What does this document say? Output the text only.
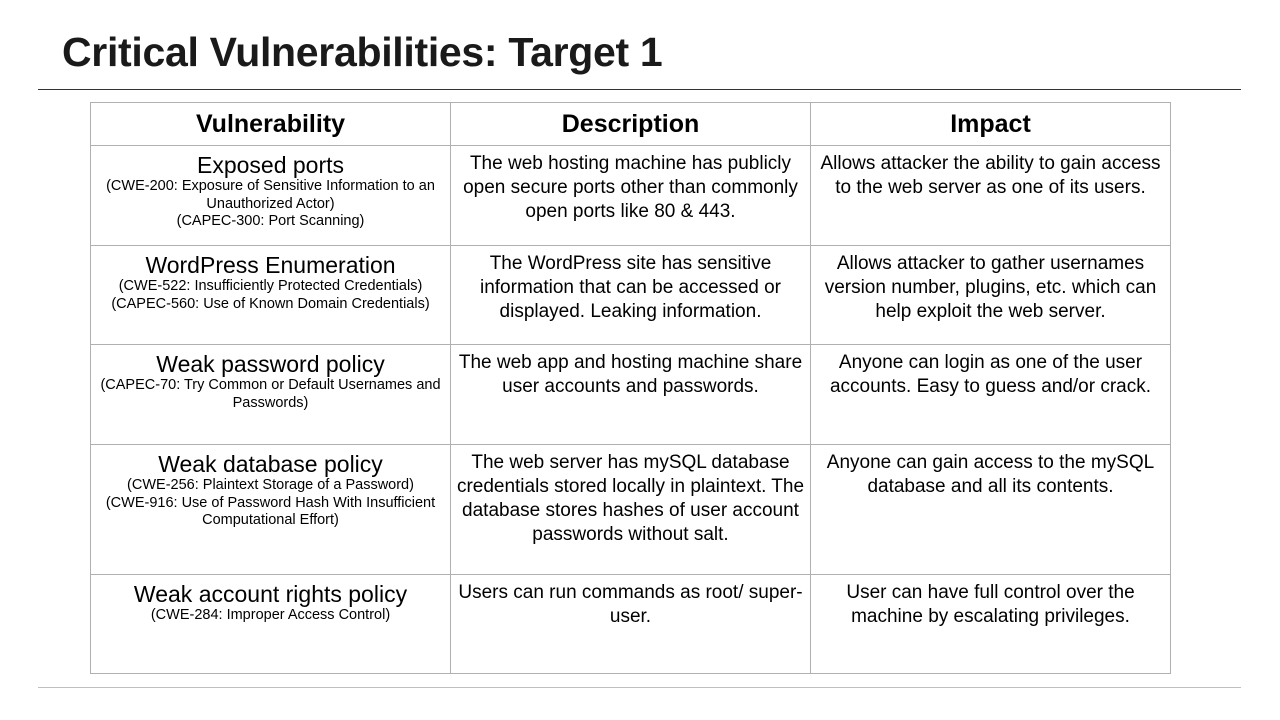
Critical Vulnerabilities: Target 1
Vulnerability	Description	Impact

Exposed ports
(CWE-200: Exposure of Sensitive Information to an Unauthorized Actor)
(CAPEC-300: Port Scanning)	The web hosting machine has publicly open secure ports other than commonly open ports like 80 & 443.	Allows attacker the ability to gain access to the web server as one of its users.

WordPress Enumeration
(CWE-522: Insufficiently Protected Credentials)
(CAPEC-560: Use of Known Domain Credentials)	The WordPress site has sensitive information that can be accessed or displayed. Leaking information.	Allows attacker to gather usernames version number, plugins, etc. which can help exploit the web server.

Weak password policy
(CAPEC-70: Try Common or Default Usernames and Passwords)	The web app and hosting machine share user accounts and passwords.	Anyone can login as one of the user accounts. Easy to guess and/or crack.

Weak database policy
(CWE-256: Plaintext Storage of a Password)
(CWE-916: Use of Password Hash With Insufficient Computational Effort)	The web server has mySQL database credentials stored locally in plaintext. The database stores hashes of user account passwords without salt.	Anyone can gain access to the mySQL database and all its contents.

Weak account rights policy
(CWE-284: Improper Access Control)	Users can run commands as root/ super-user.	User can have full control over the machine by escalating privileges.
